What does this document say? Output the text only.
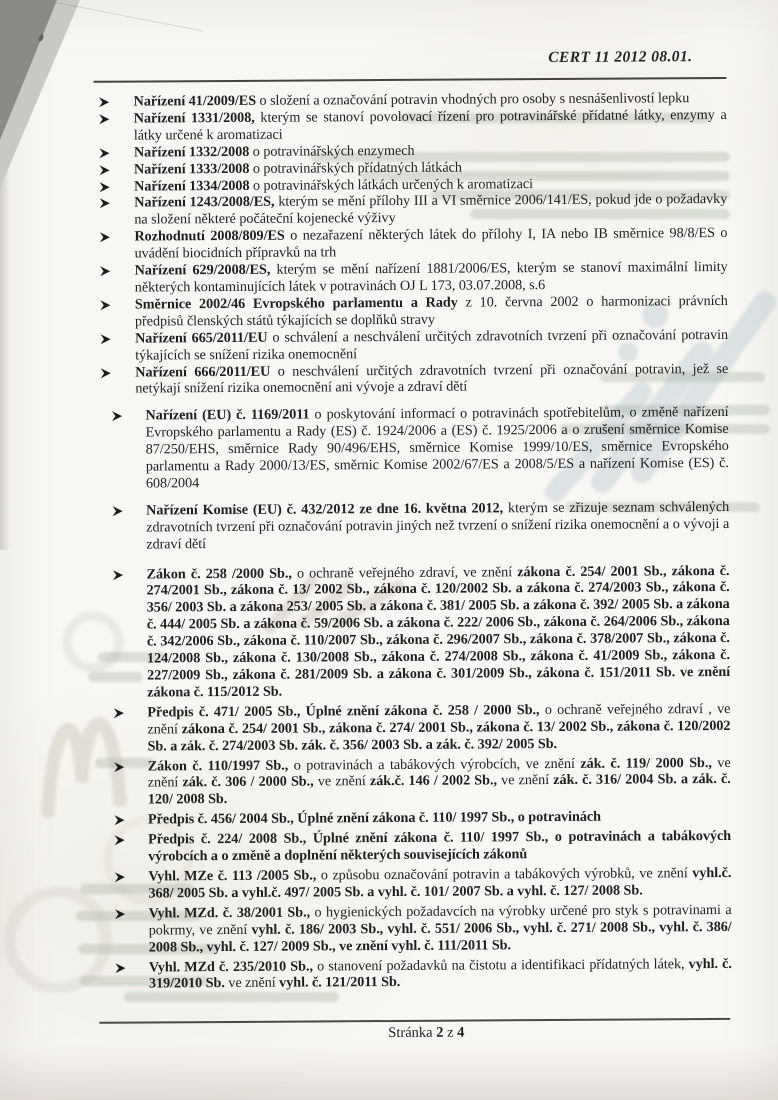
CERT 11 2012 08.01.
Nařízení 41/2009/ES o složení a označování potravin vhodných pro osoby s nesnášenlivostí lepku
Nařízení 1331/2008, kterým se stanoví povolovací řízení pro potravinářské přídatné látky, enzymy a látky určené k aromatizaci
Nařízení 1332/2008 o potravinářských enzymech
Nařízení 1333/2008 o potravinářských přídatných látkách
Nařízení 1334/2008 o potravinářských látkách určených k aromatizaci
Nařízení 1243/2008/ES, kterým se mění přílohy III a VI směrnice 2006/141/ES, pokud jde o požadavky na složení některé počáteční kojenecké výživy
Rozhodnutí 2008/809/ES o nezařazení některých látek do přílohy I, IA nebo IB směrnice 98/8/ES o uvádění biocidních přípravků na trh
Nařízení 629/2008/ES, kterým se mění nařízení 1881/2006/ES, kterým se stanoví maximální limity některých kontaminujících látek v potravinách OJ L 173, 03.07.2008, s.6
Směrnice 2002/46 Evropského parlamentu a Rady z 10. června 2002 o harmonizaci právních předpisů členských států týkajících se doplňků stravy
Nařízení 665/2011/EU o schválení a neschválení určitých zdravotních tvrzení při označování potravin týkajících se snížení rizika onemocnění
Nařízení 666/2011/EU o neschválení určitých zdravotních tvrzení při označování potravin, jež se netýkají snížení rizika onemocnění ani vývoje a zdraví dětí
Nařízení (EU) č. 1169/2011 o poskytování informací o potravinách spotřebitelům, o změně nařízení Evropského parlamentu a Rady (ES) č. 1924/2006 a (ES) č. 1925/2006 a o zrušení směrnice Komise 87/250/EHS, směrnice Rady 90/496/EHS, směrnice Komise 1999/10/ES, směrnice Evropského parlamentu a Rady 2000/13/ES, směrnic Komise 2002/67/ES a 2008/5/ES a nařízení Komise (ES) č. 608/2004
Nařízení Komise (EU) č. 432/2012 ze dne 16. května 2012, kterým se zřizuje seznam schválených zdravotních tvrzení při označování potravin jiných než tvrzení o snížení rizika onemocnění a o vývoji a zdraví dětí
Zákon č. 258 /2000 Sb., o ochraně veřejného zdraví, ve znění zákona č. 254/ 2001 Sb., zákona č. 274/2001 Sb., zákona č. 13/ 2002 Sb., zákona č. 120/2002 Sb. a zákona č. 274/2003 Sb., zákona č. 356/ 2003 Sb. a zákona 253/ 2005 Sb. a zákona č. 381/ 2005 Sb. a zákona č. 392/ 2005 Sb. a zákona č. 444/ 2005 Sb. a zákona č. 59/2006 Sb. a zákona č. 222/ 2006 Sb., zákona č. 264/2006 Sb., zákona č. 342/2006 Sb., zákona č. 110/2007 Sb., zákona č. 296/2007 Sb., zákona č. 378/2007 Sb., zákona č. 124/2008 Sb., zákona č. 130/2008 Sb., zákona č. 274/2008 Sb., zákona č. 41/2009 Sb., zákona č. 227/2009 Sb., zákona č. 281/2009 Sb. a zákona č. 301/2009 Sb., zákona č. 151/2011 Sb. ve znění zákona č. 115/2012 Sb.
Předpis č. 471/ 2005 Sb., Úplné znění zákona č. 258 / 2000 Sb., o ochraně veřejného zdraví , ve znění zákona č. 254/ 2001 Sb., zákona č. 274/ 2001 Sb., zákona č. 13/ 2002 Sb., zákona č. 120/2002 Sb. a zák. č. 274/2003 Sb. zák. č. 356/ 2003 Sb. a zák. č. 392/ 2005 Sb.
Zákon č. 110/1997 Sb., o potravinách a tabákových výrobcích, ve znění zák. č. 119/ 2000 Sb., ve znění zák. č. 306 / 2000 Sb., ve znění zák.č. 146 / 2002 Sb., ve znění zák. č. 316/ 2004 Sb. a zák. č. 120/ 2008 Sb.
Předpis č. 456/ 2004 Sb., Úplné znění zákona č. 110/ 1997 Sb., o potravinách
Předpis č. 224/ 2008 Sb., Úplné znění zákona č. 110/ 1997 Sb., o potravinách a tabákových výrobcích a o změně a doplnění některých souvisejících zákonů
Vyhl. MZe č. 113 /2005 Sb., o způsobu označování potravin a tabákových výrobků, ve znění vyhl.č. 368/ 2005 Sb. a vyhl.č. 497/ 2005 Sb. a vyhl. č. 101/ 2007 Sb. a vyhl. č. 127/ 2008 Sb.
Vyhl. MZd. č. 38/2001 Sb., o hygienických požadavcích na výrobky určené pro styk s potravinami a pokrmy, ve znění vyhl. č. 186/ 2003 Sb., vyhl. č. 551/ 2006 Sb., vyhl. č. 271/ 2008 Sb., vyhl. č. 386/ 2008 Sb., vyhl. č. 127/ 2009 Sb., ve znění vyhl. č. 111/2011 Sb.
Vyhl. MZd č. 235/2010 Sb., o stanovení požadavků na čistotu a identifikaci přídatných látek, vyhl. č. 319/2010 Sb. ve znění vyhl. č. 121/2011 Sb.
Stránka 2 z 4
